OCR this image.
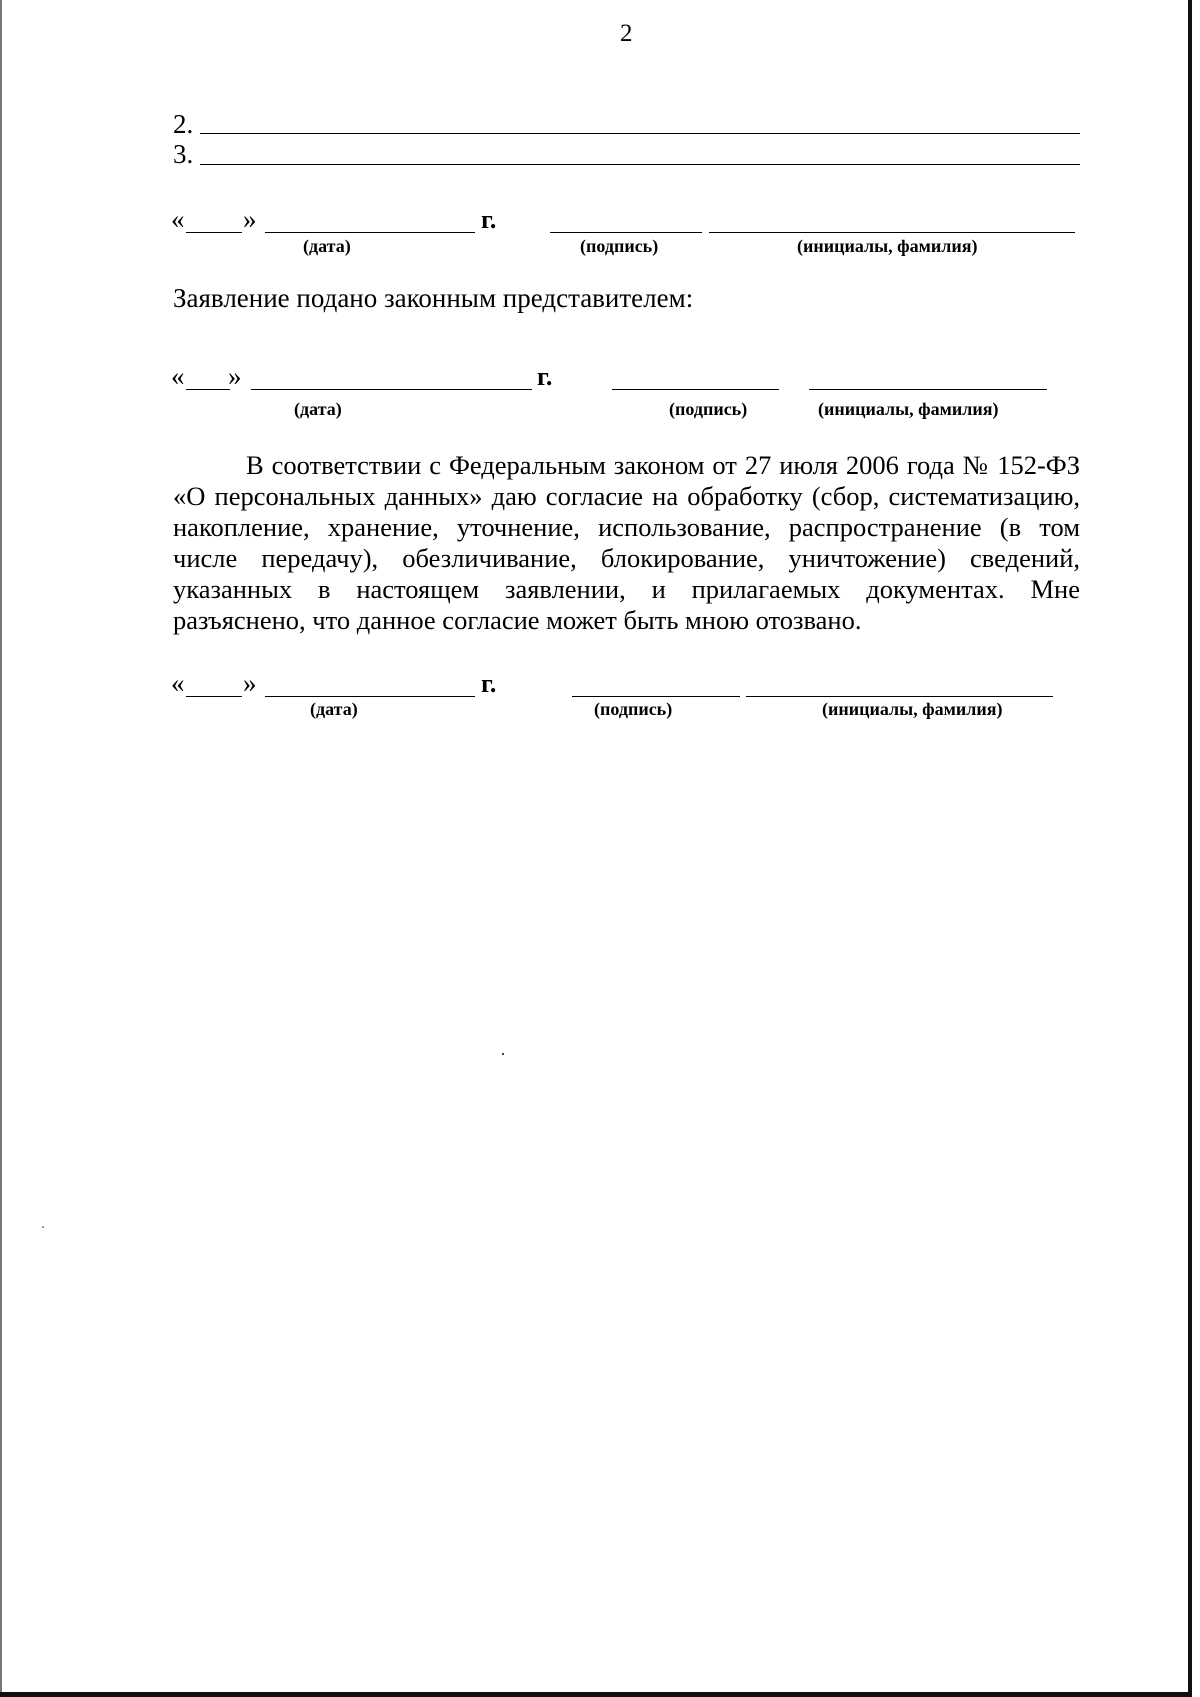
2
2.
3.
« »	г.
(дата)	(подпись)	(инициалы, фамилия)
Заявление подано законным представителем:
« »	г.
(дата)	(подпись)	(инициалы, фамилия)

В соответствии с Федеральным законом от 27 июля 2006 года № 152-ФЗ «О персональных данных» даю согласие на обработку (сбор, систематизацию, накопление, хранение, уточнение, использование, распространение (в том числе передачу), обезличивание, блокирование, уничтожение) сведений, указанных в настоящем заявлении, и прилагаемых документах. Мне разъяснено, что данное согласие может быть мною отозвано.

« »	г.
(дата)	(подпись)	(инициалы, фамилия)
